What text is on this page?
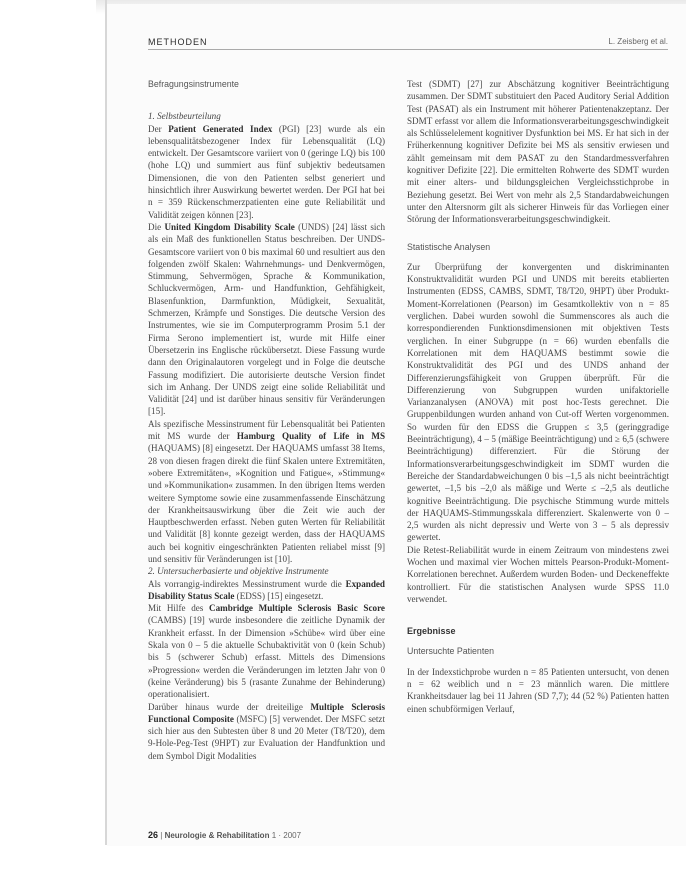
METHODEN	L. Zeisberg et al.
Befragungsinstrumente

1. Selbstbeurteilung

Der Patient Generated Index (PGI) [23] wurde als ein lebensqualitätsbezogener Index für Lebensqualität (LQ) entwickelt. Der Gesamtscore variiert von 0 (geringe LQ) bis 100 (hohe LQ) und summiert aus fünf subjektiv bedeutsamen Dimensionen, die von den Patienten selbst generiert und hinsichtlich ihrer Auswirkung bewertet werden. Der PGI hat bei n = 359 Rückenschmerzpatienten eine gute Reliabilität und Validität zeigen können [23].

Die United Kingdom Disability Scale (UNDS) [24] lässt sich als ein Maß des funktionellen Status beschreiben. Der UNDS-Gesamtscore variiert von 0 bis maximal 60 und resultiert aus den folgenden zwölf Skalen: Wahrnehmungs- und Denkvermögen, Stimmung, Sehvermögen, Sprache & Kommunikation, Schluckvermögen, Arm- und Handfunktion, Gehfähigkeit, Blasenfunktion, Darmfunktion, Müdigkeit, Sexualität, Schmerzen, Krämpfe und Sonstiges. Die deutsche Version des Instrumentes, wie sie im Computerprogramm Prosim 5.1 der Firma Serono implementiert ist, wurde mit Hilfe einer Übersetzerin ins Englische rückübersetzt. Diese Fassung wurde dann den Originalautoren vorgelegt und in Folge die deutsche Fassung modifiziert. Die autorisierte deutsche Version findet sich im Anhang. Der UNDS zeigt eine solide Reliabilität und Validität [24] und ist darüber hinaus sensitiv für Veränderungen [15].

Als spezifische Messinstrument für Lebensqualität bei Patienten mit MS wurde der Hamburg Quality of Life in MS (HAQUAMS) [8] eingesetzt. Der HAQUAMS umfasst 38 Items, 28 von diesen fragen direkt die fünf Skalen untere Extremitäten, »obere Extremitäten«, »Kognition und Fatigue«, »Stimmung« und »Kommunikation« zusammen. In den übrigen Items werden weitere Symptome sowie eine zusammenfassende Einschätzung der Krankheitsauswirkung über die Zeit wie auch der Hauptbeschwerden erfasst. Neben guten Werten für Reliabilität und Validität [8] konnte gezeigt werden, dass der HAQUAMS auch bei kognitiv eingeschränkten Patienten reliabel misst [9] und sensitiv für Veränderungen ist [10].

2. Untersucherbasierte und objektive Instrumente

Als vorrangig-indirektes Messinstrument wurde die Expanded Disability Status Scale (EDSS) [15] eingesetzt.

Mit Hilfe des Cambridge Multiple Sclerosis Basic Score (CAMBS) [19] wurde insbesondere die zeitliche Dynamik der Krankheit erfasst. In der Dimension »Schübe« wird über eine Skala von 0 – 5 die aktuelle Schubaktivität von 0 (kein Schub) bis 5 (schwerer Schub) erfasst. Mittels des Dimensions »Progression« werden die Veränderungen im letzten Jahr von 0 (keine Veränderung) bis 5 (rasante Zunahme der Behinderung) operationalisiert.

Darüber hinaus wurde der dreiteilige Multiple Sclerosis Functional Composite (MSFC) [5] verwendet. Der MSFC setzt sich hier aus den Subtesten über 8 und 20 Meter (T8/T20), dem 9-Hole-Peg-Test (9HPT) zur Evaluation der Handfunktion und dem Symbol Digit Modalities

Test (SDMT) [27] zur Abschätzung kognitiver Beeinträchtigung zusammen. Der SDMT substituiert den Paced Auditory Serial Addition Test (PASAT) als ein Instrument mit höherer Patientenakzeptanz. Der SDMT erfasst vor allem die Informationsverarbeitungsgeschwindigkeit als Schlüsselelement kognitiver Dysfunktion bei MS. Er hat sich in der Früherkennung kognitiver Defizite bei MS als sensitiv erwiesen und zählt gemeinsam mit dem PASAT zu den Standardmessverfahren kognitiver Defizite [22]. Die ermittelten Rohwerte des SDMT wurden mit einer alters- und bildungsgleichen Vergleichsstichprobe in Beziehung gesetzt. Bei Wert von mehr als 2,5 Standardabweichungen unter den Altersnorm gilt als sicherer Hinweis für das Vorliegen einer Störung der Informationsverarbeitungsgeschwindigkeit.

Statistische Analysen

Zur Überprüfung der konvergenten und diskriminanten Konstruktvalidität wurden PGI und UNDS mit bereits etablierten Instrumenten (EDSS, CAMBS, SDMT, T8/T20, 9HPT) über Produkt-Moment-Korrelationen (Pearson) im Gesamtkollektiv von n = 85 verglichen. Dabei wurden sowohl die Summenscores als auch die korrespondierenden Funktionsdimensionen mit objektiven Tests verglichen. In einer Subgruppe (n = 66) wurden ebenfalls die Korrelationen mit dem HAQUAMS bestimmt sowie die Konstruktvalidität des PGI und des UNDS anhand der Differenzierungsfähigkeit von Gruppen überprüft. Für die Differenzierung von Subgruppen wurden unifaktorielle Varianzanalysen (ANOVA) mit post hoc-Tests gerechnet. Die Gruppenbildungen wurden anhand von Cut-off Werten vorgenommen. So wurden für den EDSS die Gruppen ≤ 3,5 (geringgradige Beeinträchtigung), 4 – 5 (mäßige Beeinträchtigung) und ≥ 6,5 (schwere Beeinträchtigung) differenziert. Für die Störung der Informationsverarbeitungsgeschwindigkeit im SDMT wurden die Bereiche der Standardabweichungen 0 bis –1,5 als nicht beeinträchtigt gewertet, –1,5 bis –2,0 als mäßige und Werte ≤ –2,5 als deutliche kognitive Beeinträchtigung. Die psychische Stimmung wurde mittels der HAQUAMS-Stimmungsskala differenziert. Skalenwerte von 0 – 2,5 wurden als nicht depressiv und Werte von 3 – 5 als depressiv gewertet.

Die Retest-Reliabilität wurde in einem Zeitraum von mindestens zwei Wochen und maximal vier Wochen mittels Pearson-Produkt-Moment-Korrelationen berechnet. Außerdem wurden Boden- und Deckeneffekte kontrolliert. Für die statistischen Analysen wurde SPSS 11.0 verwendet.

Ergebnisse
Untersuchte Patienten

In der Indexstichprobe wurden n = 85 Patienten untersucht, von denen n = 62 weiblich und n = 23 männlich waren. Die mittlere Krankheitsdauer lag bei 11 Jahren (SD 7,7); 44 (52 %) Patienten hatten einen schubförmigen Verlauf,

26 | Neurologie & Rehabilitation 1 · 2007
